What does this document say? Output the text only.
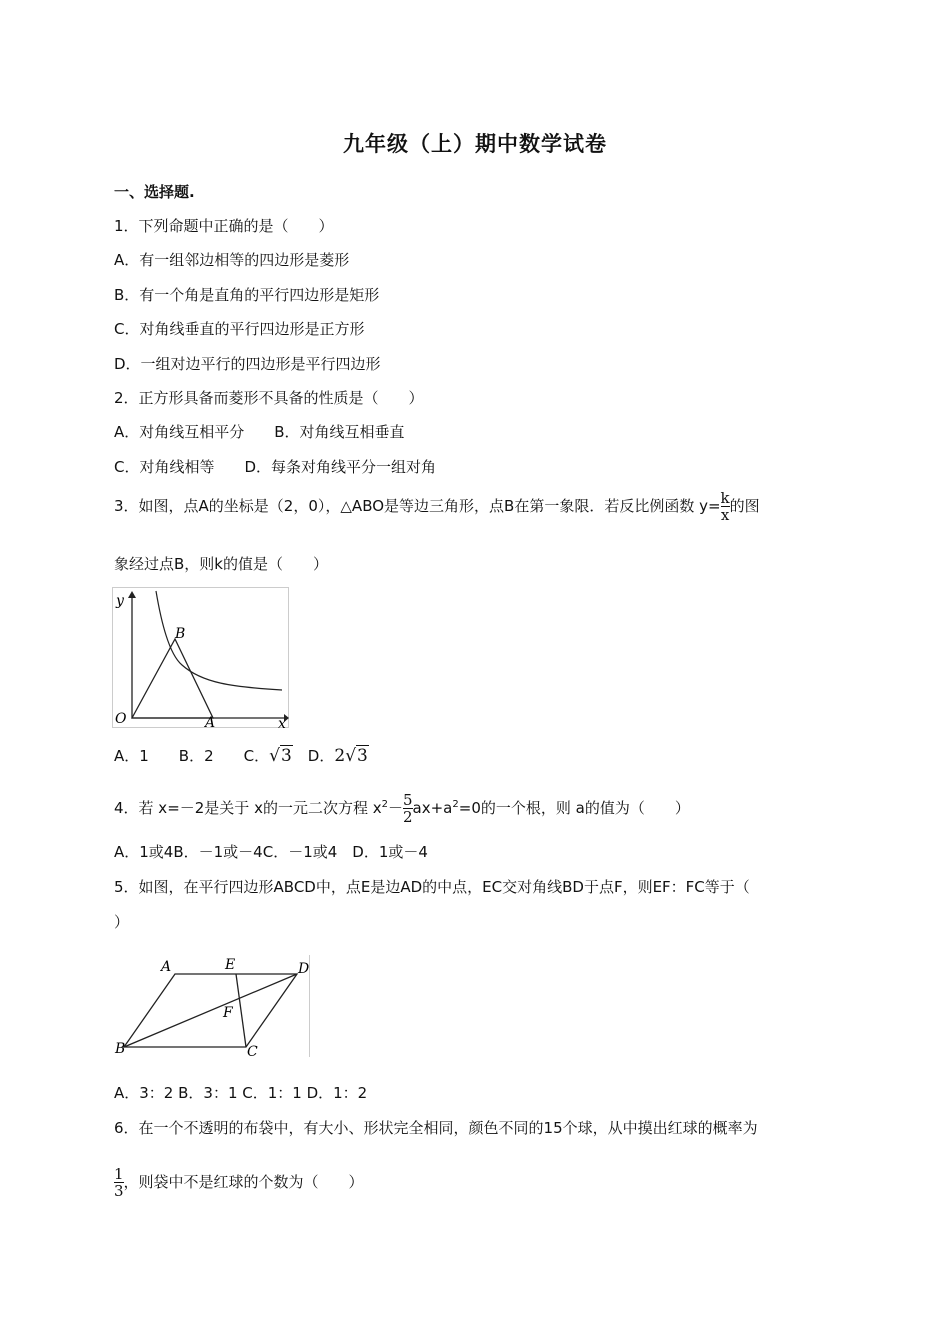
九年级（上）期中数学试卷
一、选择题.
1．下列命题中正确的是（　　）
A．有一组邻边相等的四边形是菱形
B．有一个角是直角的平行四边形是矩形
C．对角线垂直的平行四边形是正方形
D．一组对边平行的四边形是平行四边形
2．正方形具备而菱形不具备的性质是（　　）
A．对角线互相平分　　B．对角线互相垂直
C．对角线相等　　D．每条对角线平分一组对角
3．如图，点A的坐标是（2，0），△ABO是等边三角形，点B在第一象限．若反比例函数 $y= \frac{k}{x}$ 的图
象经过点B，则k的值是（　　）
y
x
O	A
B
A．1　　B．2　　C．√3　D．2√3
4．若 x=－2是关于 x的一元二次方程 $x^2- \frac{5}{2} ax+a^2=0$的一个根，则 a的值为（　　）
A．1或4B．－1或－4C．－1或4　D．1或－4
5．如图，在平行四边形ABCD中，点E是边AD的中点，EC交对角线BD于点F，则EF：FC等于（
）
A	E	D
F
B	C
A．3：2 B．3：1 C．1：1 D．1：2
6．在一个不透明的布袋中，有大小、形状完全相同，颜色不同的15个球，从中摸出红球的概率为
$\frac{1}{3}$ ，则袋中不是红球的个数为（　　）
